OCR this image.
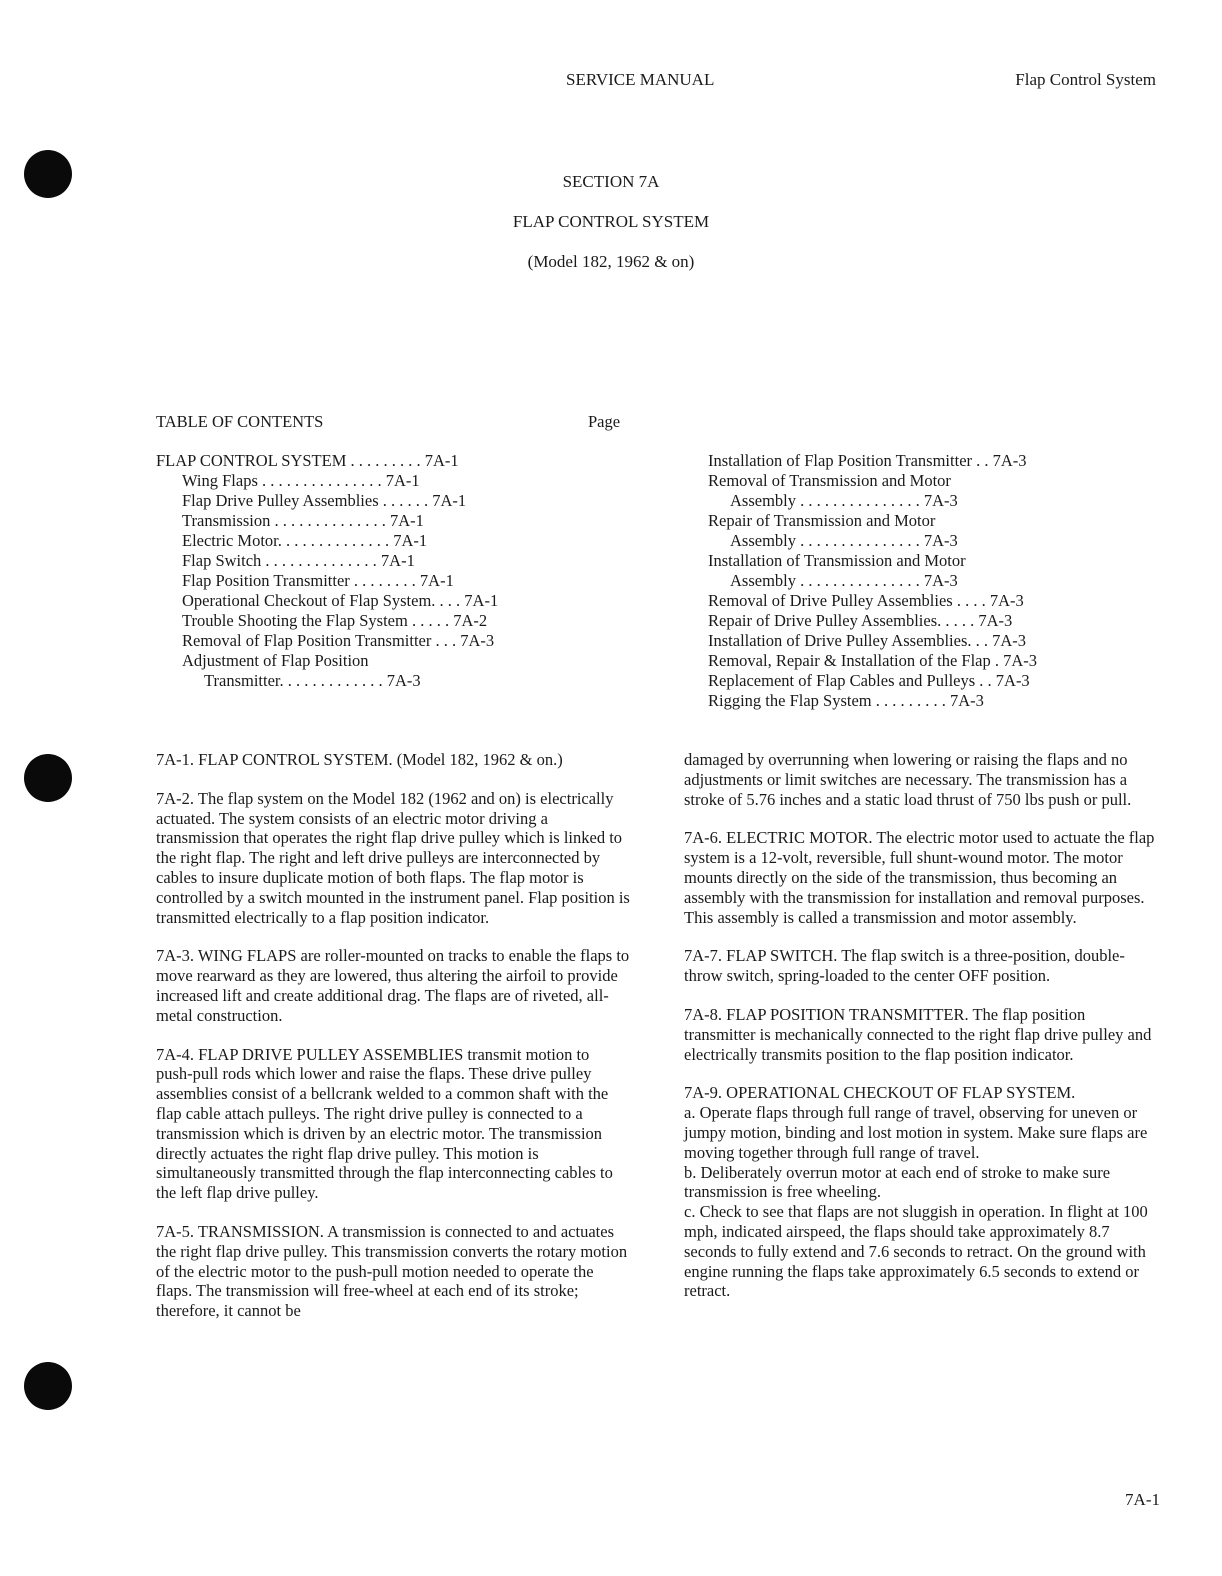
SERVICE MANUAL	Flap Control System
SECTION 7A
FLAP CONTROL SYSTEM
(Model 182, 1962 & on)
TABLE OF CONTENTS	Page
FLAP CONTROL SYSTEM . . . . . . . . . 7A-1
Wing Flaps . . . . . . . . . . . . . . . 7A-1
Flap Drive Pulley Assemblies . . . . . . 7A-1
Transmission . . . . . . . . . . . . . . 7A-1
Electric Motor. . . . . . . . . . . . . . 7A-1
Flap Switch . . . . . . . . . . . . . . 7A-1
Flap Position Transmitter . . . . . . . . 7A-1
Operational Checkout of Flap System. . . . 7A-1
Trouble Shooting the Flap System . . . . . 7A-2
Removal of Flap Position Transmitter . . . 7A-3
Adjustment of Flap Position
Transmitter. . . . . . . . . . . . . 7A-3
Installation of Flap Position Transmitter . . 7A-3
Removal of Transmission and Motor
Assembly . . . . . . . . . . . . . . . 7A-3
Repair of Transmission and Motor
Assembly . . . . . . . . . . . . . . . 7A-3
Installation of Transmission and Motor
Assembly . . . . . . . . . . . . . . . 7A-3
Removal of Drive Pulley Assemblies . . . . 7A-3
Repair of Drive Pulley Assemblies. . . . . 7A-3
Installation of Drive Pulley Assemblies. . . 7A-3
Removal, Repair & Installation of the Flap . 7A-3
Replacement of Flap Cables and Pulleys . . 7A-3
Rigging the Flap System . . . . . . . . . 7A-3

7A-1. FLAP CONTROL SYSTEM. (Model 182, 1962 & on.)

7A-2. The flap system on the Model 182 (1962 and on) is electrically actuated. The system consists of an electric motor driving a transmission that operates the right flap drive pulley which is linked to the right flap. The right and left drive pulleys are interconnected by cables to insure duplicate motion of both flaps. The flap motor is controlled by a switch mounted in the instrument panel. Flap position is transmitted electrically to a flap position indicator.

7A-3. WING FLAPS are roller-mounted on tracks to enable the flaps to move rearward as they are lowered, thus altering the airfoil to provide increased lift and create additional drag. The flaps are of riveted, all-metal construction.

7A-4. FLAP DRIVE PULLEY ASSEMBLIES transmit motion to push-pull rods which lower and raise the flaps. These drive pulley assemblies consist of a bellcrank welded to a common shaft with the flap cable attach pulleys. The right drive pulley is connected to a transmission which is driven by an electric motor. The transmission directly actuates the right flap drive pulley. This motion is simultaneously transmitted through the flap interconnecting cables to the left flap drive pulley.

7A-5. TRANSMISSION. A transmission is connected to and actuates the right flap drive pulley. This transmission converts the rotary motion of the electric motor to the push-pull motion needed to operate the flaps. The transmission will free-wheel at each end of its stroke; therefore, it cannot be

damaged by overrunning when lowering or raising the flaps and no adjustments or limit switches are necessary. The transmission has a stroke of 5.76 inches and a static load thrust of 750 lbs push or pull.

7A-6. ELECTRIC MOTOR. The electric motor used to actuate the flap system is a 12-volt, reversible, full shunt-wound motor. The motor mounts directly on the side of the transmission, thus becoming an assembly with the transmission for installation and removal purposes. This assembly is called a transmission and motor assembly.

7A-7. FLAP SWITCH. The flap switch is a three-position, double-throw switch, spring-loaded to the center OFF position.

7A-8. FLAP POSITION TRANSMITTER. The flap position transmitter is mechanically connected to the right flap drive pulley and electrically transmits position to the flap position indicator.

7A-9. OPERATIONAL CHECKOUT OF FLAP SYSTEM.

a. Operate flaps through full range of travel, observing for uneven or jumpy motion, binding and lost motion in system. Make sure flaps are moving together through full range of travel.

b. Deliberately overrun motor at each end of stroke to make sure transmission is free wheeling.

c. Check to see that flaps are not sluggish in operation. In flight at 100 mph, indicated airspeed, the flaps should take approximately 8.7 seconds to fully extend and 7.6 seconds to retract. On the ground with engine running the flaps take approximately 6.5 seconds to extend or retract.

7A-1
